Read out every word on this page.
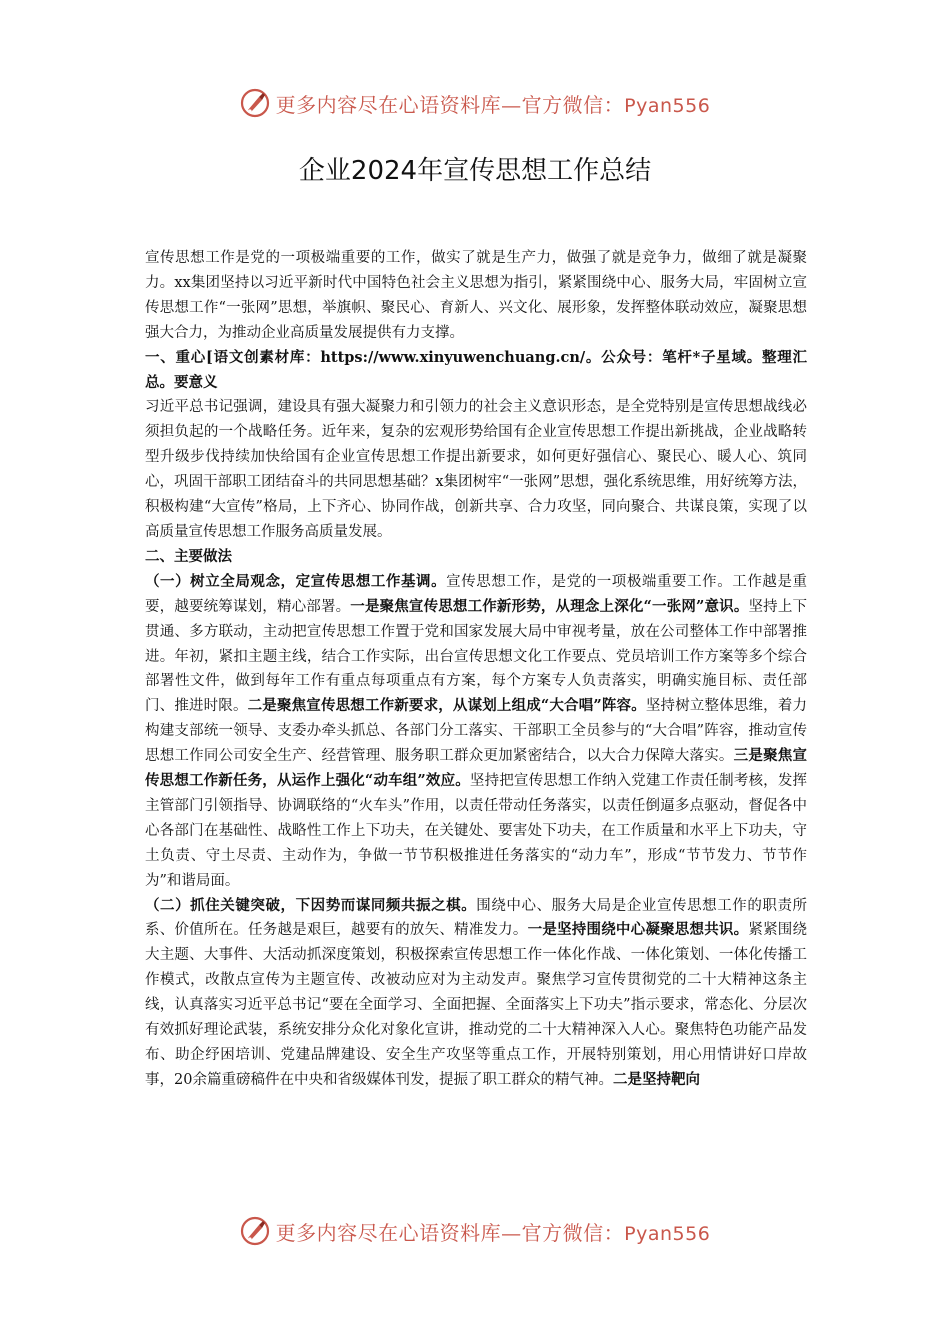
更多内容尽在心语资料库—官方微信：Pyan556
企业2024年宣传思想工作总结

宣传思想工作是党的一项极端重要的工作，做实了就是生产力，做强了就是竞争力，做细了就是凝聚力。xx集团坚持以习近平新时代中国特色社会主义思想为指引，紧紧围绕中心、服务大局，牢固树立宣传思想工作“一张网”思想，举旗帜、聚民心、育新人、兴文化、展形象，发挥整体联动效应，凝聚思想强大合力，为推动企业高质量发展提供有力支撑。

一、重心[语文创素材库：https://www.xinyuwenchuang.cn/。公众号：笔杆*子星域。整理汇总。要意义

习近平总书记强调，建设具有强大凝聚力和引领力的社会主义意识形态，是全党特别是宣传思想战线必须担负起的一个战略任务。近年来，复杂的宏观形势给国有企业宣传思想工作提出新挑战，企业战略转型升级步伐持续加快给国有企业宣传思想工作提出新要求，如何更好强信心、聚民心、暖人心、筑同心，巩固干部职工团结奋斗的共同思想基础？x集团树牢“一张网”思想，强化系统思维，用好统筹方法，积极构建“大宣传”格局，上下齐心、协同作战，创新共享、合力攻坚，同向聚合、共谋良策，实现了以高质量宣传思想工作服务高质量发展。

二、主要做法

（一）树立全局观念，定宣传思想工作基调。宣传思想工作，是党的一项极端重要工作。工作越是重要，越要统筹谋划，精心部署。一是聚焦宣传思想工作新形势，从理念上深化“一张网”意识。坚持上下贯通、多方联动，主动把宣传思想工作置于党和国家发展大局中审视考量，放在公司整体工作中部署推进。年初，紧扣主题主线，结合工作实际，出台宣传思想文化工作要点、党员培训工作方案等多个综合部署性文件，做到每年工作有重点每项重点有方案，每个方案专人负责落实，明确实施目标、责任部门、推进时限。二是聚焦宣传思想工作新要求，从谋划上组成“大合唱”阵容。坚持树立整体思维，着力构建支部统一领导、支委办牵头抓总、各部门分工落实、干部职工全员参与的“大合唱”阵容，推动宣传思想工作同公司安全生产、经营管理、服务职工群众更加紧密结合，以大合力保障大落实。三是聚焦宣传思想工作新任务，从运作上强化“动车组”效应。坚持把宣传思想工作纳入党建工作责任制考核，发挥主管部门引领指导、协调联络的“火车头”作用，以责任带动任务落实，以责任倒逼多点驱动，督促各中心各部门在基础性、战略性工作上下功夫，在关键处、要害处下功夫，在工作质量和水平上下功夫，守土负责、守土尽责、主动作为，争做一节节积极推进任务落实的“动力车”，形成“节节发力、节节作为”和谐局面。

（二）抓住关键突破，下因势而谋同频共振之棋。围绕中心、服务大局是企业宣传思想工作的职责所系、价值所在。任务越是艰巨，越要有的放矢、精准发力。一是坚持围绕中心凝聚思想共识。紧紧围绕大主题、大事件、大活动抓深度策划，积极探索宣传思想工作一体化作战、一体化策划、一体化传播工作模式，改散点宣传为主题宣传、改被动应对为主动发声。聚焦学习宣传贯彻党的二十大精神这条主线，认真落实习近平总书记“要在全面学习、全面把握、全面落实上下功夫”指示要求，常态化、分层次有效抓好理论武装，系统安排分众化对象化宣讲，推动党的二十大精神深入人心。聚焦特色功能产品发布、助企纾困培训、党建品牌建设、安全生产攻坚等重点工作，开展特别策划，用心用情讲好口岸故事，20余篇重磅稿件在中央和省级媒体刊发，提振了职工群众的精气神。二是坚持靶向

更多内容尽在心语资料库—官方微信：Pyan556
